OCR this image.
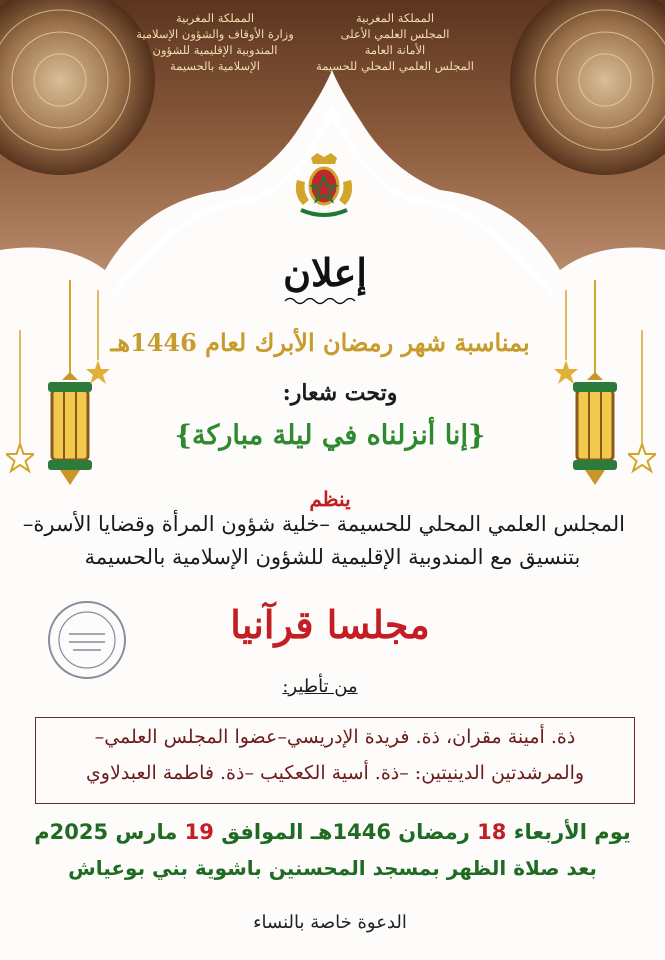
المملكة المغربية
المجلس العلمي الأعلى
الأمانة العامة
المجلس العلمي المحلي للحسيمة
المملكة المغربية
وزارة الأوقاف والشؤون الإسلامية
المندوبية الإقليمية للشؤون
الإسلامية بالحسيمة
إعلان
بمناسبة شهر رمضان الأبرك لعام 1446هـ
وتحت شعار:
{إنا أنزلناه في ليلة مباركة}
ينظم
المجلس العلمي المحلي للحسيمة –خلية شؤون المرأة وقضايا الأسرة–
بتنسيق مع المندوبية الإقليمية للشؤون الإسلامية بالحسيمة
مجلسا قرآنيا
من تأطير:
ذة. أمينة مقران، ذة. فريدة الإدريسي–عضوا المجلس العلمي–
والمرشدتين الدينيتين: –ذة. أسية الكعكيب –ذة. فاطمة العبدلاوي
يوم الأربعاء 18 رمضان 1446هـ الموافق 19 مارس 2025م
بعد صلاة الظهر بمسجد المحسنين باشوية بني بوعياش
الدعوة خاصة بالنساء
